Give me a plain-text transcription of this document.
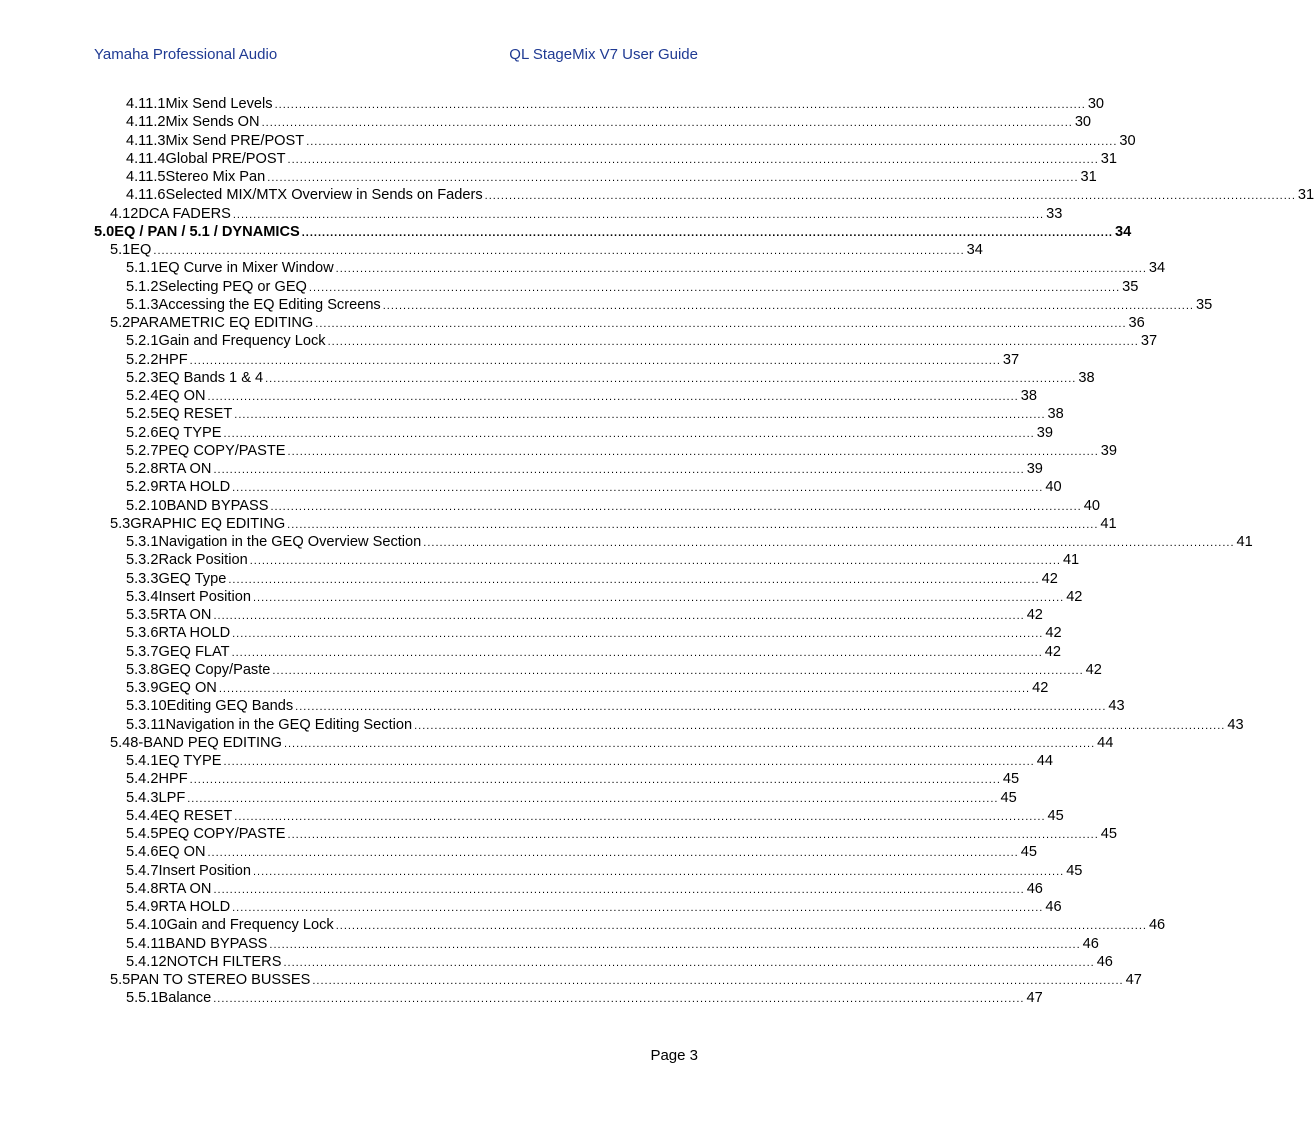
Yamaha Professional Audio	QL StageMix V7 User Guide
4.11.1 Mix Send Levels ........................................................................................................................................................................................................ 30
4.11.2 Mix Sends ON ........................................................................................................................................................................................................ 30
4.11.3 Mix Send PRE/POST ........................................................................................................................................................................................................ 30
4.11.4 Global PRE/POST ........................................................................................................................................................................................................ 31
4.11.5 Stereo Mix Pan ........................................................................................................................................................................................................ 31
4.11.6 Selected MIX/MTX Overview in Sends on Faders ........................................................................................................................................................................................................ 31
4.12 DCA FADERS ........................................................................................................................................................................................................ 33
5.0 EQ / PAN / 5.1 / DYNAMICS ........................................................................................................................................................................................................ 34
5.1 EQ ........................................................................................................................................................................................................ 34
5.1.1 EQ Curve in Mixer Window ........................................................................................................................................................................................................ 34
5.1.2 Selecting PEQ or GEQ ........................................................................................................................................................................................................ 35
5.1.3 Accessing the EQ Editing Screens ........................................................................................................................................................................................................ 35
5.2 PARAMETRIC EQ EDITING ........................................................................................................................................................................................................ 36
5.2.1 Gain and Frequency Lock ........................................................................................................................................................................................................ 37
5.2.2 HPF ........................................................................................................................................................................................................ 37
5.2.3 EQ Bands 1 & 4 ........................................................................................................................................................................................................ 38
5.2.4 EQ ON ........................................................................................................................................................................................................ 38
5.2.5 EQ RESET ........................................................................................................................................................................................................ 38
5.2.6 EQ TYPE ........................................................................................................................................................................................................ 39
5.2.7 PEQ COPY/PASTE ........................................................................................................................................................................................................ 39
5.2.8 RTA ON ........................................................................................................................................................................................................ 39
5.2.9 RTA HOLD ........................................................................................................................................................................................................ 40
5.2.10 BAND BYPASS ........................................................................................................................................................................................................ 40
5.3 GRAPHIC EQ EDITING ........................................................................................................................................................................................................ 41
5.3.1 Navigation in the GEQ Overview Section ........................................................................................................................................................................................................ 41
5.3.2 Rack Position ........................................................................................................................................................................................................ 41
5.3.3 GEQ Type ........................................................................................................................................................................................................ 42
5.3.4 Insert Position ........................................................................................................................................................................................................ 42
5.3.5 RTA ON ........................................................................................................................................................................................................ 42
5.3.6 RTA HOLD ........................................................................................................................................................................................................ 42
5.3.7 GEQ FLAT ........................................................................................................................................................................................................ 42
5.3.8 GEQ Copy/Paste ........................................................................................................................................................................................................ 42
5.3.9 GEQ ON ........................................................................................................................................................................................................ 42
5.3.10 Editing GEQ Bands ........................................................................................................................................................................................................ 43
5.3.11 Navigation in the GEQ Editing Section ........................................................................................................................................................................................................ 43
5.4 8-BAND PEQ EDITING ........................................................................................................................................................................................................ 44
5.4.1 EQ TYPE ........................................................................................................................................................................................................ 44
5.4.2 HPF ........................................................................................................................................................................................................ 45
5.4.3 LPF ........................................................................................................................................................................................................ 45
5.4.4 EQ RESET ........................................................................................................................................................................................................ 45
5.4.5 PEQ COPY/PASTE ........................................................................................................................................................................................................ 45
5.4.6 EQ ON ........................................................................................................................................................................................................ 45
5.4.7 Insert Position ........................................................................................................................................................................................................ 45
5.4.8 RTA ON ........................................................................................................................................................................................................ 46
5.4.9 RTA HOLD ........................................................................................................................................................................................................ 46
5.4.10 Gain and Frequency Lock ........................................................................................................................................................................................................ 46
5.4.11 BAND BYPASS ........................................................................................................................................................................................................ 46
5.4.12 NOTCH FILTERS ........................................................................................................................................................................................................ 46
5.5 PAN TO STEREO BUSSES ........................................................................................................................................................................................................ 47
5.5.1 Balance ........................................................................................................................................................................................................ 47
Page 3
